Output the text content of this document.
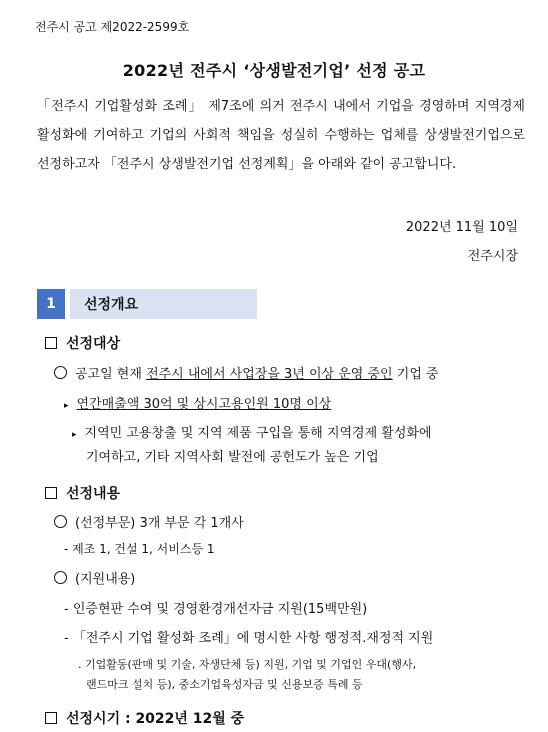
전주시 공고 제2022-2599호
2022년 전주시 ‘상생발전기업’ 선정 공고
「전주시 기업활성화 조례」 제7조에 의거 전주시 내에서 기업을 경영하며 지역경제 활성화에 기여하고 기업의 사회적 책임을 성실히 수행하는 업체를 상생발전기업으로 선정하고자 「전주시 상생발전기업 선정계획」을 아래와 같이 공고합니다.
2022년 11월 10일
전주시장
1	선정개요
선정대상
공고일 현재 전주시 내에서 사업장을 3년 이상 운영 중인 기업 중
▸ 연간매출액 30억 및 상시고용인원 10명 이상
▸ 지역민 고용창출 및 지역 제품 구입을 통해 지역경제 활성화에
기여하고, 기타 지역사회 발전에 공헌도가 높은 기업
선정내용
(선정부문) 3개 부문 각 1개사
- 제조 1, 건설 1, 서비스등 1
(지원내용)
- 인증현판 수여 및 경영환경개선자금 지원(15백만원)
- 「전주시 기업 활성화 조례」에 명시한 사항 행정적.재정적 지원
. 기업활동(판매 및 기술, 자생단체 등) 지원, 기업 및 기업인 우대(행사,
랜드마크 설치 등), 중소기업육성자금 및 신용보증 특례 등
선정시기 : 2022년 12월 중
